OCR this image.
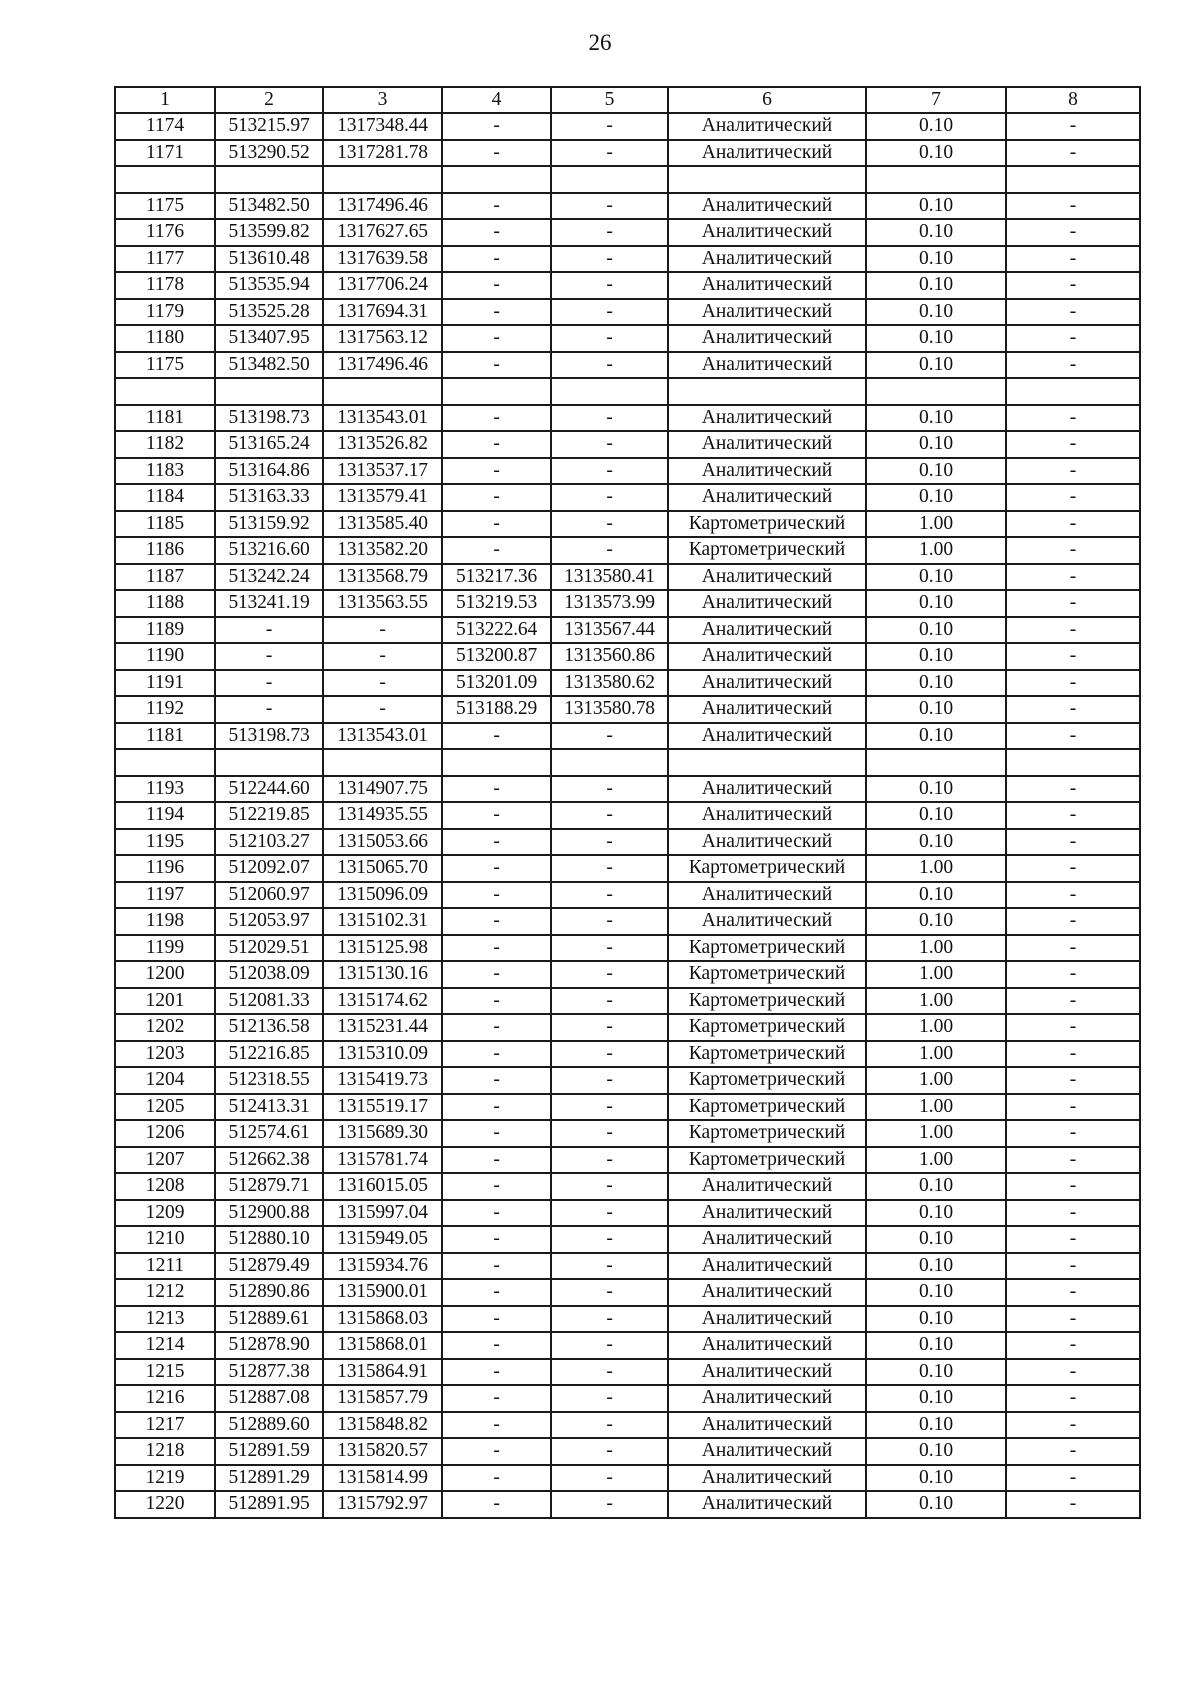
26
1	2	3	4	5	6	7	8
1174	513215.97	1317348.44	-	-	Аналитический	0.10	-
1171	513290.52	1317281.78	-	-	Аналитический	0.10	-

1175	513482.50	1317496.46	-	-	Аналитический	0.10	-
1176	513599.82	1317627.65	-	-	Аналитический	0.10	-
1177	513610.48	1317639.58	-	-	Аналитический	0.10	-
1178	513535.94	1317706.24	-	-	Аналитический	0.10	-
1179	513525.28	1317694.31	-	-	Аналитический	0.10	-
1180	513407.95	1317563.12	-	-	Аналитический	0.10	-
1175	513482.50	1317496.46	-	-	Аналитический	0.10	-

1181	513198.73	1313543.01	-	-	Аналитический	0.10	-
1182	513165.24	1313526.82	-	-	Аналитический	0.10	-
1183	513164.86	1313537.17	-	-	Аналитический	0.10	-
1184	513163.33	1313579.41	-	-	Аналитический	0.10	-
1185	513159.92	1313585.40	-	-	Картометрический	1.00	-
1186	513216.60	1313582.20	-	-	Картометрический	1.00	-
1187	513242.24	1313568.79	513217.36	1313580.41	Аналитический	0.10	-
1188	513241.19	1313563.55	513219.53	1313573.99	Аналитический	0.10	-
1189	-	-	513222.64	1313567.44	Аналитический	0.10	-
1190	-	-	513200.87	1313560.86	Аналитический	0.10	-
1191	-	-	513201.09	1313580.62	Аналитический	0.10	-
1192	-	-	513188.29	1313580.78	Аналитический	0.10	-
1181	513198.73	1313543.01	-	-	Аналитический	0.10	-

1193	512244.60	1314907.75	-	-	Аналитический	0.10	-
1194	512219.85	1314935.55	-	-	Аналитический	0.10	-
1195	512103.27	1315053.66	-	-	Аналитический	0.10	-
1196	512092.07	1315065.70	-	-	Картометрический	1.00	-
1197	512060.97	1315096.09	-	-	Аналитический	0.10	-
1198	512053.97	1315102.31	-	-	Аналитический	0.10	-
1199	512029.51	1315125.98	-	-	Картометрический	1.00	-
1200	512038.09	1315130.16	-	-	Картометрический	1.00	-
1201	512081.33	1315174.62	-	-	Картометрический	1.00	-
1202	512136.58	1315231.44	-	-	Картометрический	1.00	-
1203	512216.85	1315310.09	-	-	Картометрический	1.00	-
1204	512318.55	1315419.73	-	-	Картометрический	1.00	-
1205	512413.31	1315519.17	-	-	Картометрический	1.00	-
1206	512574.61	1315689.30	-	-	Картометрический	1.00	-
1207	512662.38	1315781.74	-	-	Картометрический	1.00	-
1208	512879.71	1316015.05	-	-	Аналитический	0.10	-
1209	512900.88	1315997.04	-	-	Аналитический	0.10	-
1210	512880.10	1315949.05	-	-	Аналитический	0.10	-
1211	512879.49	1315934.76	-	-	Аналитический	0.10	-
1212	512890.86	1315900.01	-	-	Аналитический	0.10	-
1213	512889.61	1315868.03	-	-	Аналитический	0.10	-
1214	512878.90	1315868.01	-	-	Аналитический	0.10	-
1215	512877.38	1315864.91	-	-	Аналитический	0.10	-
1216	512887.08	1315857.79	-	-	Аналитический	0.10	-
1217	512889.60	1315848.82	-	-	Аналитический	0.10	-
1218	512891.59	1315820.57	-	-	Аналитический	0.10	-
1219	512891.29	1315814.99	-	-	Аналитический	0.10	-
1220	512891.95	1315792.97	-	-	Аналитический	0.10	-
